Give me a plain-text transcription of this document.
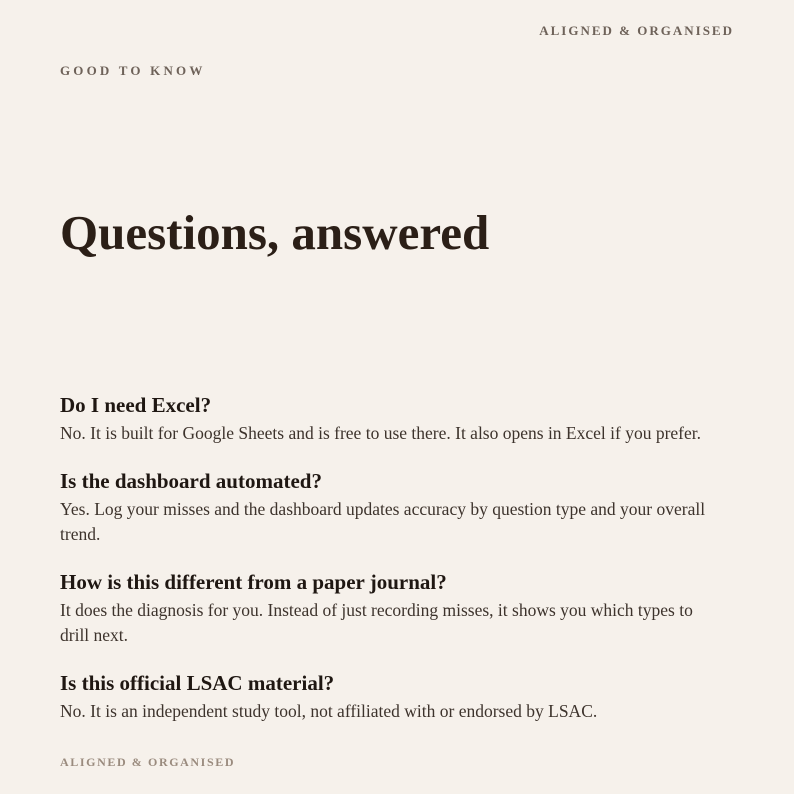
ALIGNED & ORGANISED

GOOD TO KNOW

Questions, answered
Do I need Excel?

No. It is built for Google Sheets and is free to use there. It also opens in Excel if you prefer.

Is the dashboard automated?

Yes. Log your misses and the dashboard updates accuracy by question type and your overall trend.

How is this different from a paper journal?

It does the diagnosis for you. Instead of just recording misses, it shows you which types to drill next.

Is this official LSAC material?

No. It is an independent study tool, not affiliated with or endorsed by LSAC.

ALIGNED & ORGANISED
